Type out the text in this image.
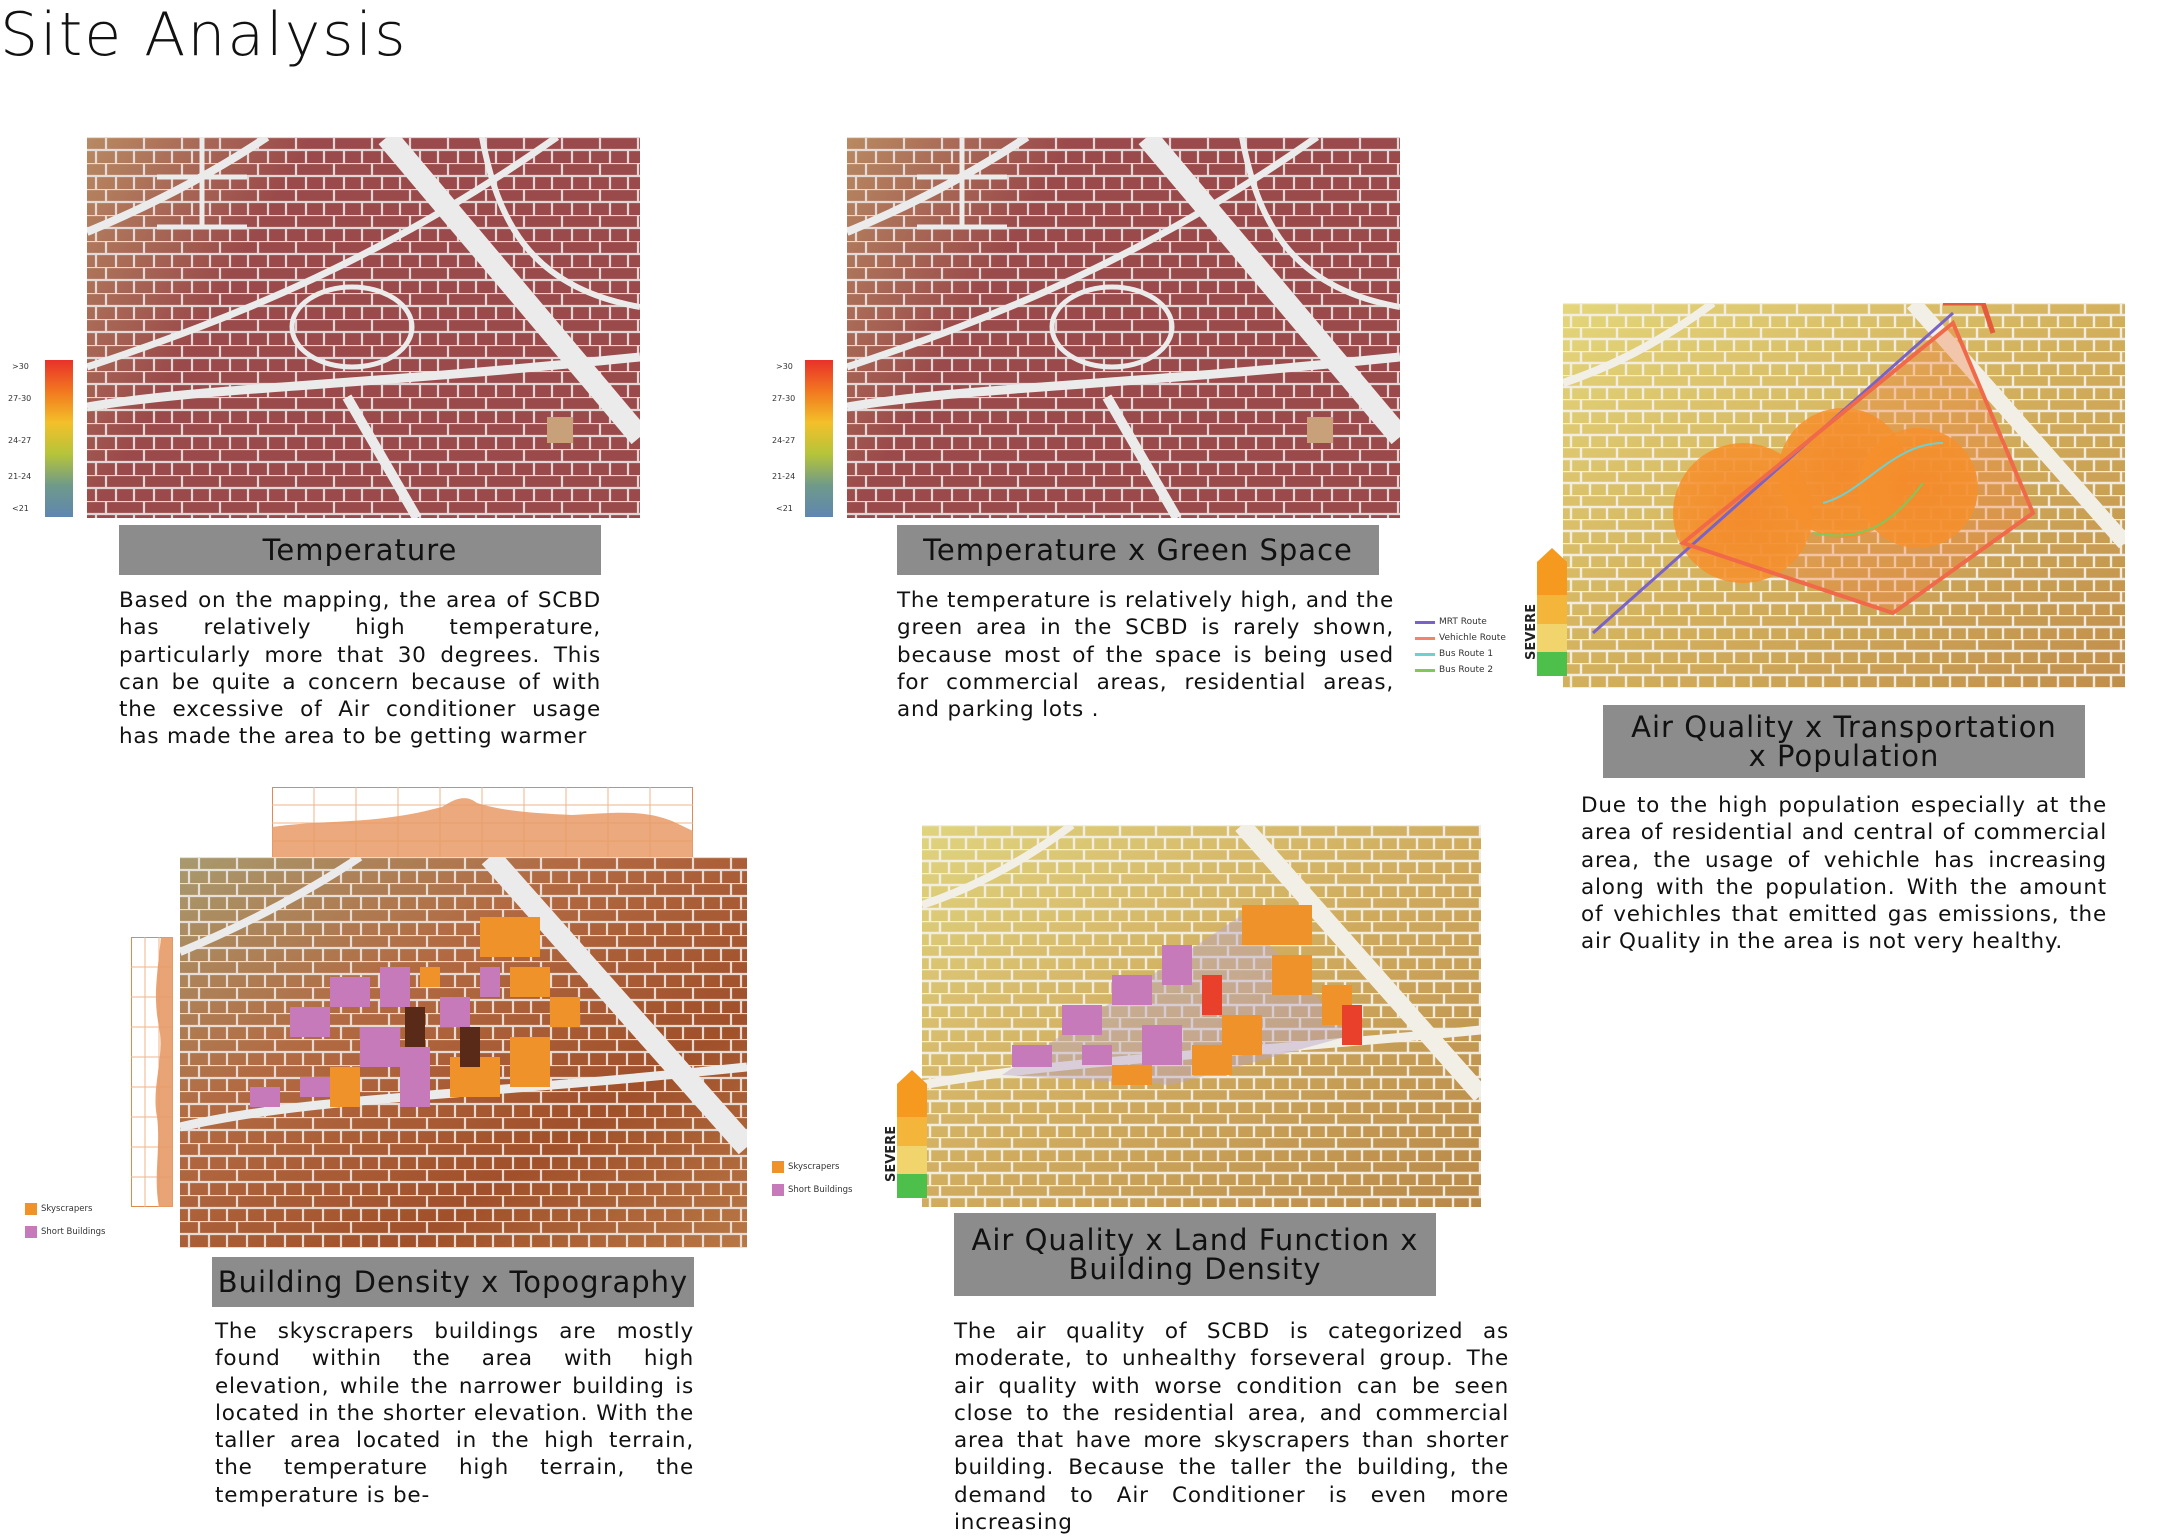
Site Analysis
>30
27-30
24-27
21-24
<21
Temperature
Based on the mapping, the area of SCBD has relatively high temperature, particularly more that 30 degrees. This can be quite a concern because of with the excessive of Air conditioner usage has made the area to be getting warmer
>30
27-30
24-27
21-24
<21
Temperature x Green Space
The temperature is relatively high, and the green area in the SCBD is rarely shown, because most of the space is being used for commercial areas, residential areas, and parking lots .
SEVERE
MRT Route
Vehichle Route
Bus Route 1
Bus Route 2
Air Quality x Transportation x Population
Due to the high population especially at the area of residential and central of commercial area, the usage of vehichle has increasing along with the population. With the amount of vehichles that emitted gas emissions, the air Quality in the area is not very healthy.
Skyscrapers
Short Buildings
Building Density x Topography
The skyscrapers buildings are mostly found within the area with high elevation, while the narrower building is located in the shorter elevation. With the taller area located in the high terrain, the temperature high terrain, the temperature is be-
SEVERE
Skyscrapers
Short Buildings
Air Quality x Land Function x Building Density
The air quality of SCBD is categorized as moderate, to unhealthy forseveral group. The air quality with worse condition can be seen close to the residential area, and commercial area that have more skyscrapers than shorter building. Because the taller the building, the demand to Air Conditioner is even more increasing
